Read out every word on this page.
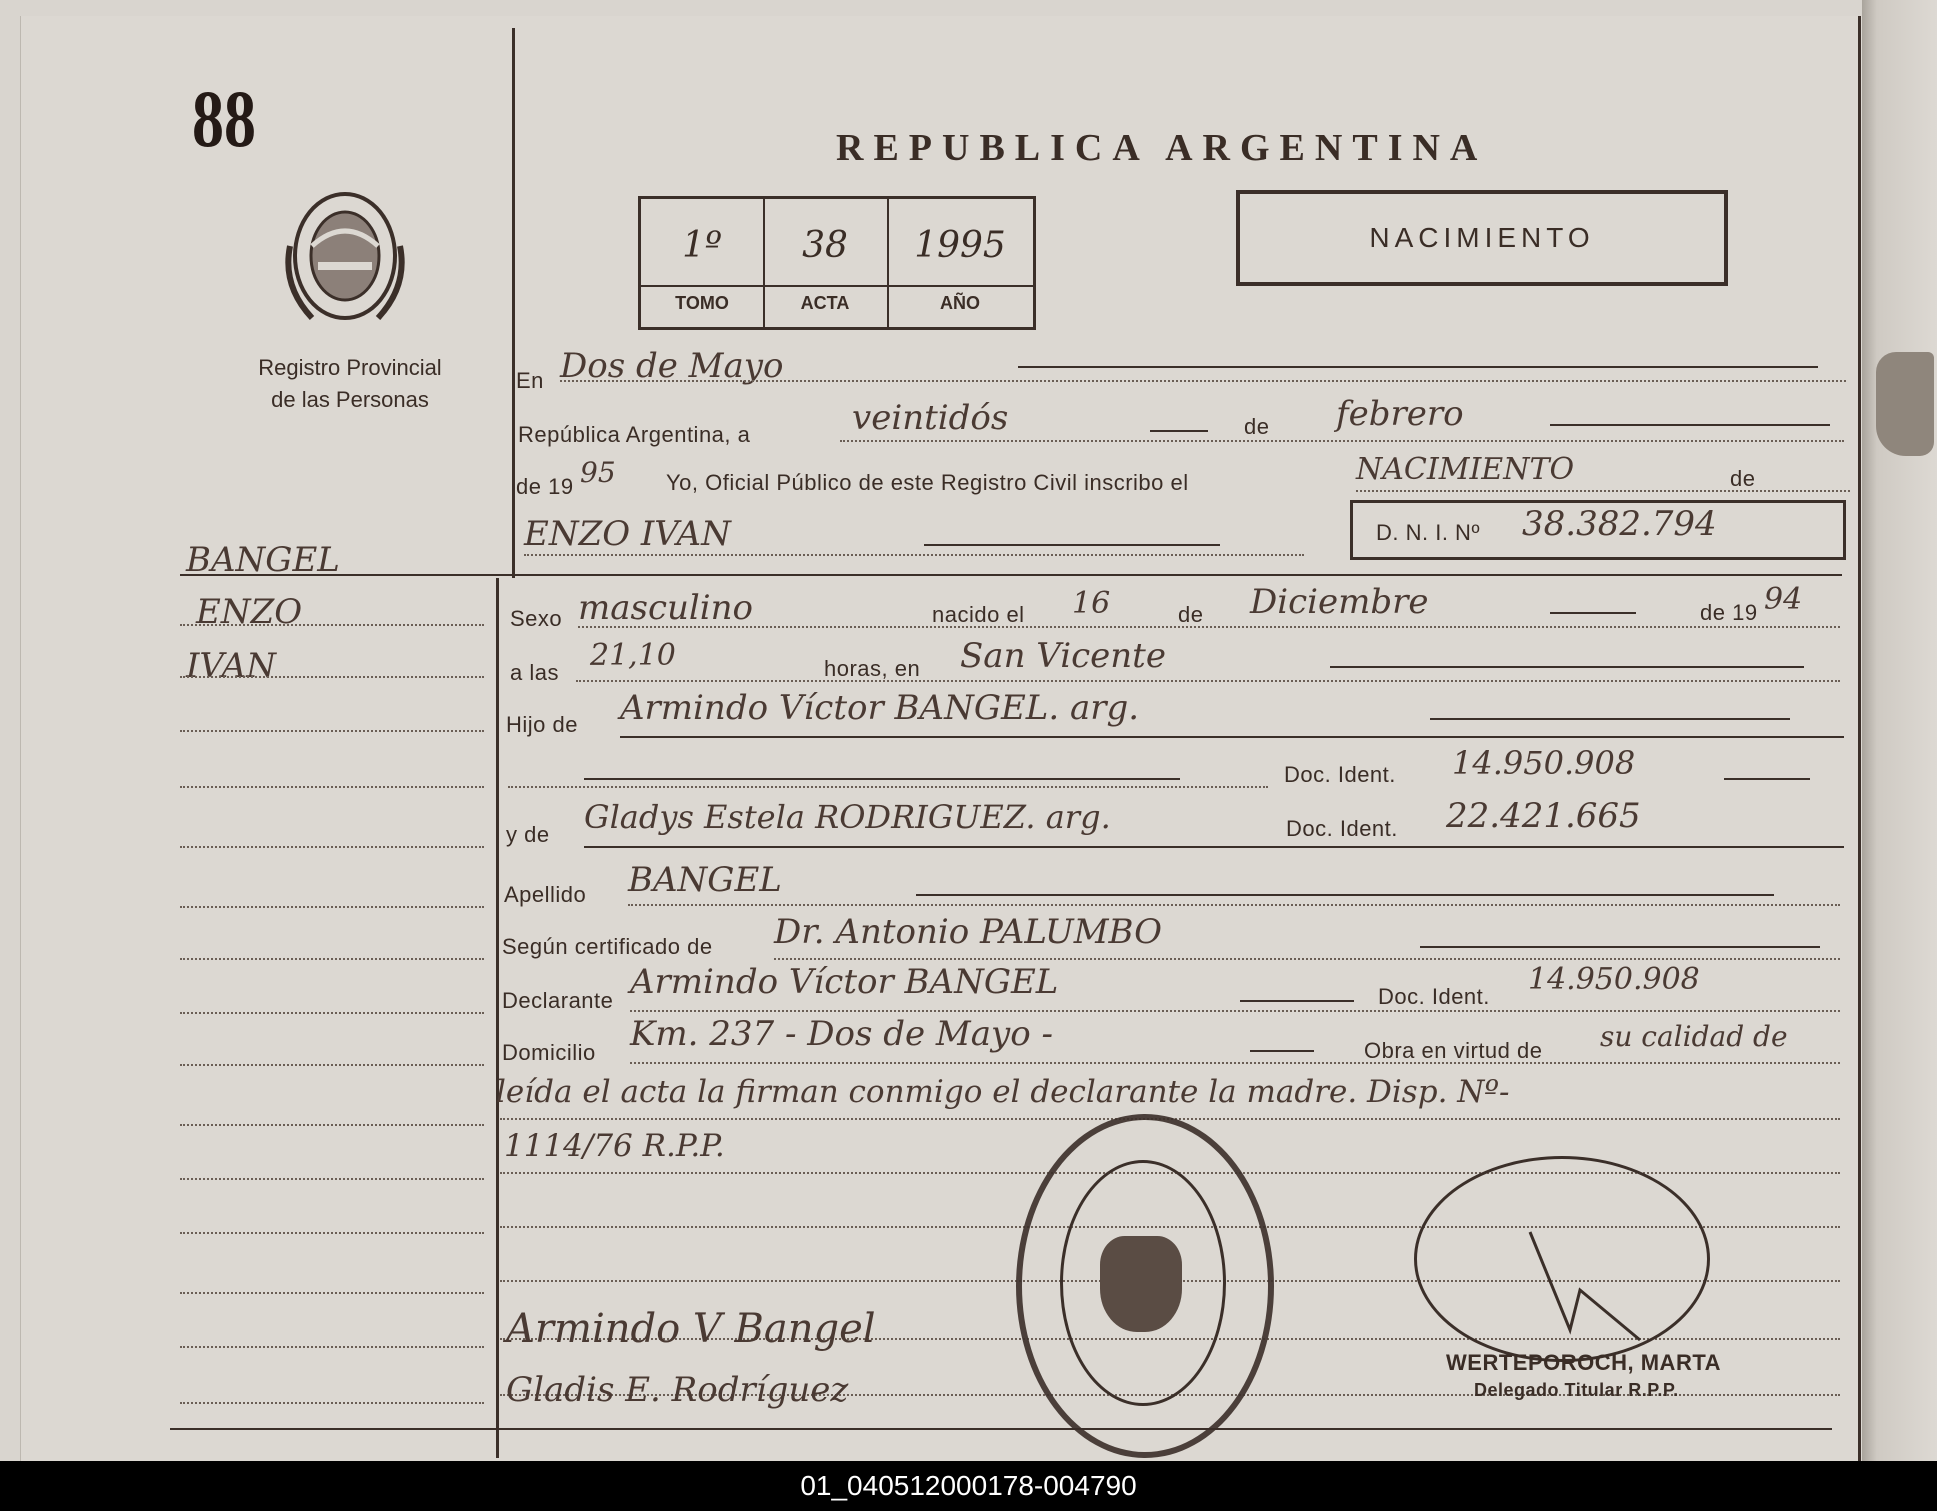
88	REPUBLICA ARGENTINA
Registro Provincial
de las Personas
TOMO	ACTA	AÑO
1º	38	1995	NACIMIENTO
BANGEL
ENZO
IVAN
En Dos de Mayo
República Argentina, a	veintidós	de febrero
de 19 95 Yo, Oficial Público de este Registro Civil inscribo el	NACIMIENTO	de
ENZO IVAN	D. N. I. Nº 38.382.794
Sexo masculino	nacido el 16	de Diciembre	de 19 94
a las 21,10	horas, en San Vicente
Hijo de Armindo Víctor BANGEL. arg.
Doc. Ident. 14.950.908
y de Gladys Estela RODRIGUEZ. arg.	Doc. Ident. 22.421.665
Apellido BANGEL
Según certificado de Dr. Antonio PALUMBO
Declarante Armindo Víctor BANGEL	Doc. Ident. 14.950.908
Domicilio Km. 237 - Dos de Mayo -	Obra en virtud de su calidad de
leída el acta la firman conmigo el declarante la madre. Disp. Nº-
1114/76 R.P.P.
Armindo V Bangel
Gladis E. Rodríguez
WERTEPOROCH, MARTA
Delegado Titular R.P.P.
01_040512000178-004790
